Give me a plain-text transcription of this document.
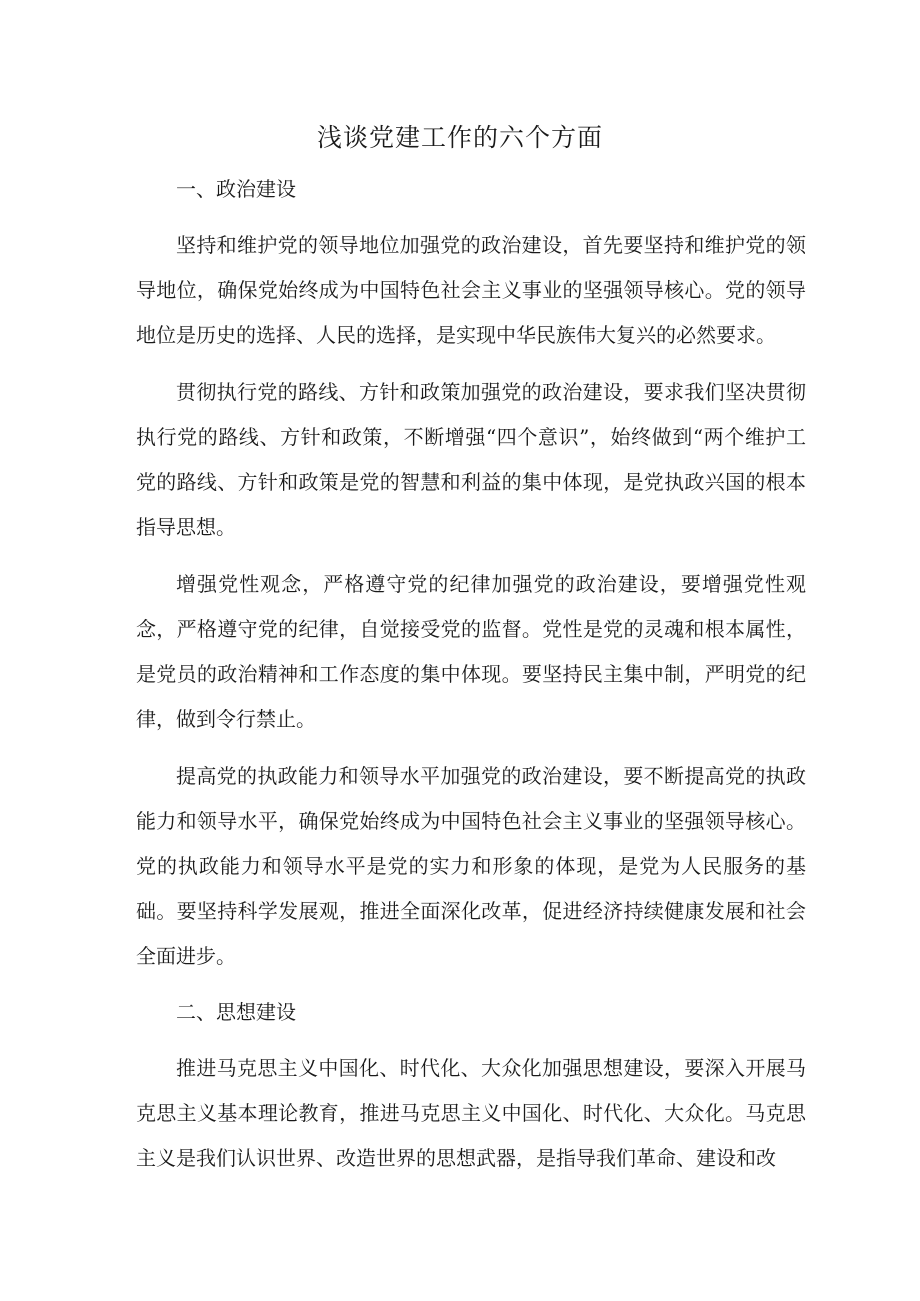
浅谈党建工作的六个方面
一、政治建设

坚持和维护党的领导地位加强党的政治建设，首先要坚持和维护党的领导地位，确保党始终成为中国特色社会主义事业的坚强领导核心。党的领导地位是历史的选择、人民的选择，是实现中华民族伟大复兴的必然要求。

贯彻执行党的路线、方针和政策加强党的政治建设，要求我们坚决贯彻执行党的路线、方针和政策，不断增强“四个意识”，始终做到“两个维护工党的路线、方针和政策是党的智慧和利益的集中体现，是党执政兴国的根本指导思想。

增强党性观念，严格遵守党的纪律加强党的政治建设，要增强党性观念，严格遵守党的纪律，自觉接受党的监督。党性是党的灵魂和根本属性，是党员的政治精神和工作态度的集中体现。要坚持民主集中制，严明党的纪律，做到令行禁止。

提高党的执政能力和领导水平加强党的政治建设，要不断提高党的执政能力和领导水平，确保党始终成为中国特色社会主义事业的坚强领导核心。党的执政能力和领导水平是党的实力和形象的体现，是党为人民服务的基础。要坚持科学发展观，推进全面深化改革，促进经济持续健康发展和社会全面进步。

二、思想建设

推进马克思主义中国化、时代化、大众化加强思想建设，要深入开展马克思主义基本理论教育，推进马克思主义中国化、时代化、大众化。马克思主义是我们认识世界、改造世界的思想武器，是指导我们革命、建设和改
